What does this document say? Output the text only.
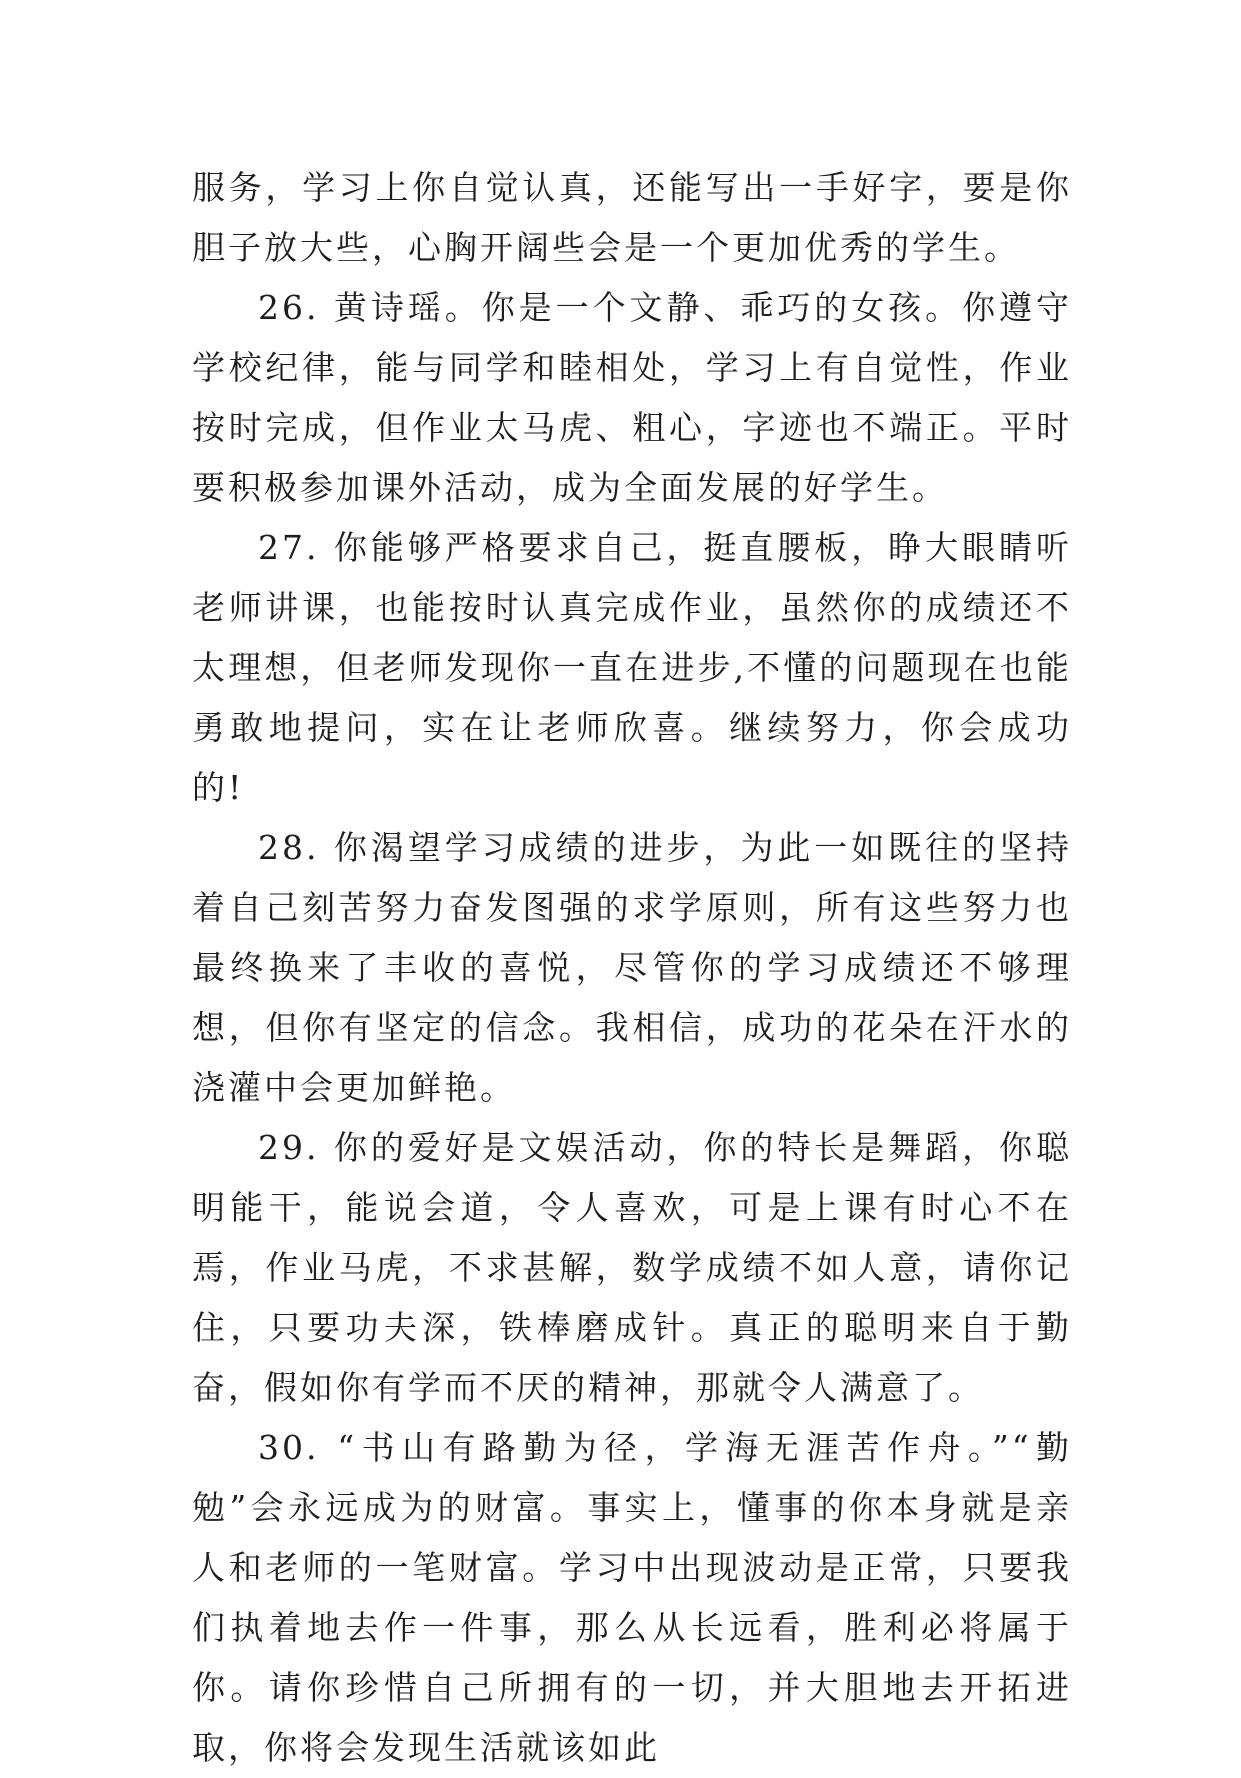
服务，学习上你自觉认真，还能写出一手好字，要是你胆子放大些，心胸开阔些会是一个更加优秀的学生。

26. 黄诗瑶。你是一个文静、乖巧的女孩。你遵守学校纪律，能与同学和睦相处，学习上有自觉性，作业按时完成，但作业太马虎、粗心，字迹也不端正。平时要积极参加课外活动，成为全面发展的好学生。

27. 你能够严格要求自己，挺直腰板，睁大眼睛听老师讲课，也能按时认真完成作业，虽然你的成绩还不太理想，但老师发现你一直在进步,不懂的问题现在也能勇敢地提问，实在让老师欣喜。继续努力，你会成功的!

28. 你渴望学习成绩的进步，为此一如既往的坚持着自己刻苦努力奋发图强的求学原则，所有这些努力也最终换来了丰收的喜悦，尽管你的学习成绩还不够理想，但你有坚定的信念。我相信，成功的花朵在汗水的浇灌中会更加鲜艳。

29. 你的爱好是文娱活动，你的特长是舞蹈，你聪明能干，能说会道，令人喜欢，可是上课有时心不在焉，作业马虎，不求甚解，数学成绩不如人意，请你记住，只要功夫深，铁棒磨成针。真正的聪明来自于勤奋，假如你有学而不厌的精神，那就令人满意了。

30. “书山有路勤为径，学海无涯苦作舟。”“勤勉”会永远成为的财富。事实上，懂事的你本身就是亲人和老师的一笔财富。学习中出现波动是正常，只要我们执着地去作一件事，那么从长远看，胜利必将属于你。请你珍惜自己所拥有的一切，并大胆地去开拓进取，你将会发现生活就该如此
